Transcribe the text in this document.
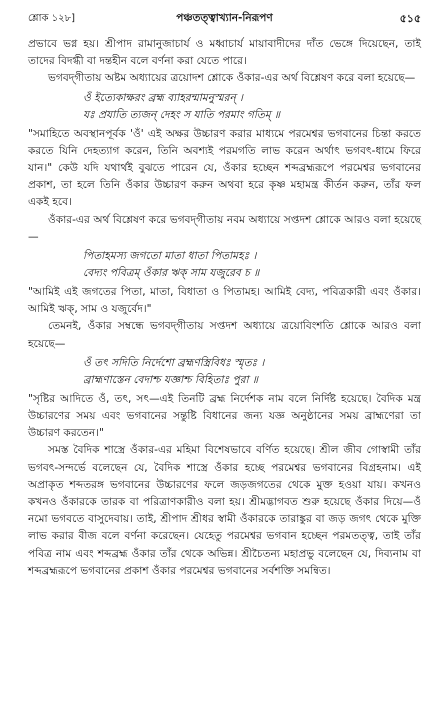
শ্লোক ১২৮]	পঞ্চতত্ত্বাখ্যান-নিরূপণ	৫১৫

প্রভাবে ভগ্ন হয়। শ্রীপাদ রামানুজাচার্য ও মধ্বাচার্য মায়াবাদীদের দাঁত ভেঙ্গে দিয়েছেন, তাই তাদের বিদগ্ধী বা দন্তহীন বলে বর্ণনা করা যেতে পারে।

ভগবদ্‌গীতায় অষ্টম অধ্যায়ের ত্রয়োদশ শ্লোকে ওঁকার-এর অর্থ বিশ্লেষণ করে বলা হয়েছে—

ওঁ ইত্যেকাক্ষরং ব্রহ্ম ব্যাহরন্মামনুস্মরন্ ।
যঃ প্রযাতি ত্যজন্ দেহং স যাতি পরমাং গতিম্ ॥

"সমাহিতে অবস্থানপূর্বক 'ওঁ' এই অক্ষর উচ্চারণ করার মাধ্যমে পরমেশ্বর ভগবানের চিন্তা করতে করতে যিনি দেহত্যাগ করেন, তিনি অবশ্যই পরমগতি লাভ করেন অর্থাৎ ভগবৎ-ধামে ফিরে যান।" কেউ যদি যথার্থই বুঝতে পারেন যে, ওঁকার হচ্ছেন শব্দব্রহ্মরূপে পরমেশ্বর ভগবানের প্রকাশ, তা হলে তিনি ওঁকার উচ্চারণ করুন অথবা হরে কৃষ্ণ মহামন্ত্র কীর্তন করুন, তাঁর ফল একই হবে।

ওঁকার-এর অর্থ বিশ্লেষণ করে ভগবদ্‌গীতায় নবম অধ্যায়ে সপ্তদশ শ্লোকে আরও বলা হয়েছে—

পিতাহমস্য জগতো মাতা ধাতা পিতামহঃ ।
বেদ্যং পবিত্রম্ ওঁকার ঋক্ সাম যজুরেব চ ॥

"আমিই এই জগতের পিতা, মাতা, বিধাতা ও পিতামহ। আমিই বেদ্য, পবিত্রকারী এবং ওঁকার। আমিই ঋক্, সাম ও যজুর্বেদ।"

তেমনই, ওঁকার সম্বন্ধে ভগবদ্‌গীতায় সপ্তদশ অধ্যায়ে ত্রয়োবিংশতি শ্লোকে আরও বলা হয়েছে—

ওঁ তৎ সদিতি নির্দেশো ব্রহ্মণস্ত্রিবিধঃ স্মৃতঃ ।
ব্রাহ্মণাস্তেন বেদাশ্চ যজ্ঞাশ্চ বিহিতাঃ পুরা ॥

"সৃষ্টির আদিতে ওঁ, তৎ, সৎ—এই তিনটি ব্রহ্ম নির্দেশক নাম বলে নির্দিষ্ট হয়েছে। বৈদিক মন্ত্র উচ্চারণের সময় এবং ভগবানের সন্তুষ্টি বিধানের জন্য যজ্ঞ অনুষ্ঠানের সময় ব্রাহ্মণেরা তা উচ্চারণ করতেন।"

সমস্ত বৈদিক শাস্ত্রে ওঁকার-এর মহিমা বিশেষভাবে বর্ণিত হয়েছে। শ্রীল জীব গোস্বামী তাঁর ভগবৎ-সন্দর্ভে বলেছেন যে, বৈদিক শাস্ত্রে ওঁকার হচ্ছে পরমেশ্বর ভগবানের বিগ্রহনাম। এই অপ্রাকৃত শব্দতরঙ্গ ভগবানের উচ্চারণের ফলে জড়জগতের থেকে মুক্ত হওয়া যায়। কখনও কখনও ওঁকারকে তারক বা পরিত্রাণকারীও বলা হয়। শ্রীমদ্ভাগবত শুরু হয়েছে ওঁকার দিয়ে—ওঁ নমো ভগবতে বাসুদেবায়। তাই, শ্রীপাদ শ্রীধর স্বামী ওঁকারকে তারাঙ্কুর বা জড় জগৎ থেকে মুক্তি লাভ করার বীজ বলে বর্ণনা করেছেন। যেহেতু পরমেশ্বর ভগবান হচ্ছেন পরমতত্ত্ব, তাই তাঁর পবিত্র নাম এবং শব্দব্রহ্ম ওঁকার তাঁর থেকে অভিন্ন। শ্রীচৈতন্য মহাপ্রভু বলেছেন যে, দিব্যনাম বা শব্দব্রহ্মরূপে ভগবানের প্রকাশ ওঁকার পরমেশ্বর ভগবানের সর্বশক্তি সমন্বিত।
